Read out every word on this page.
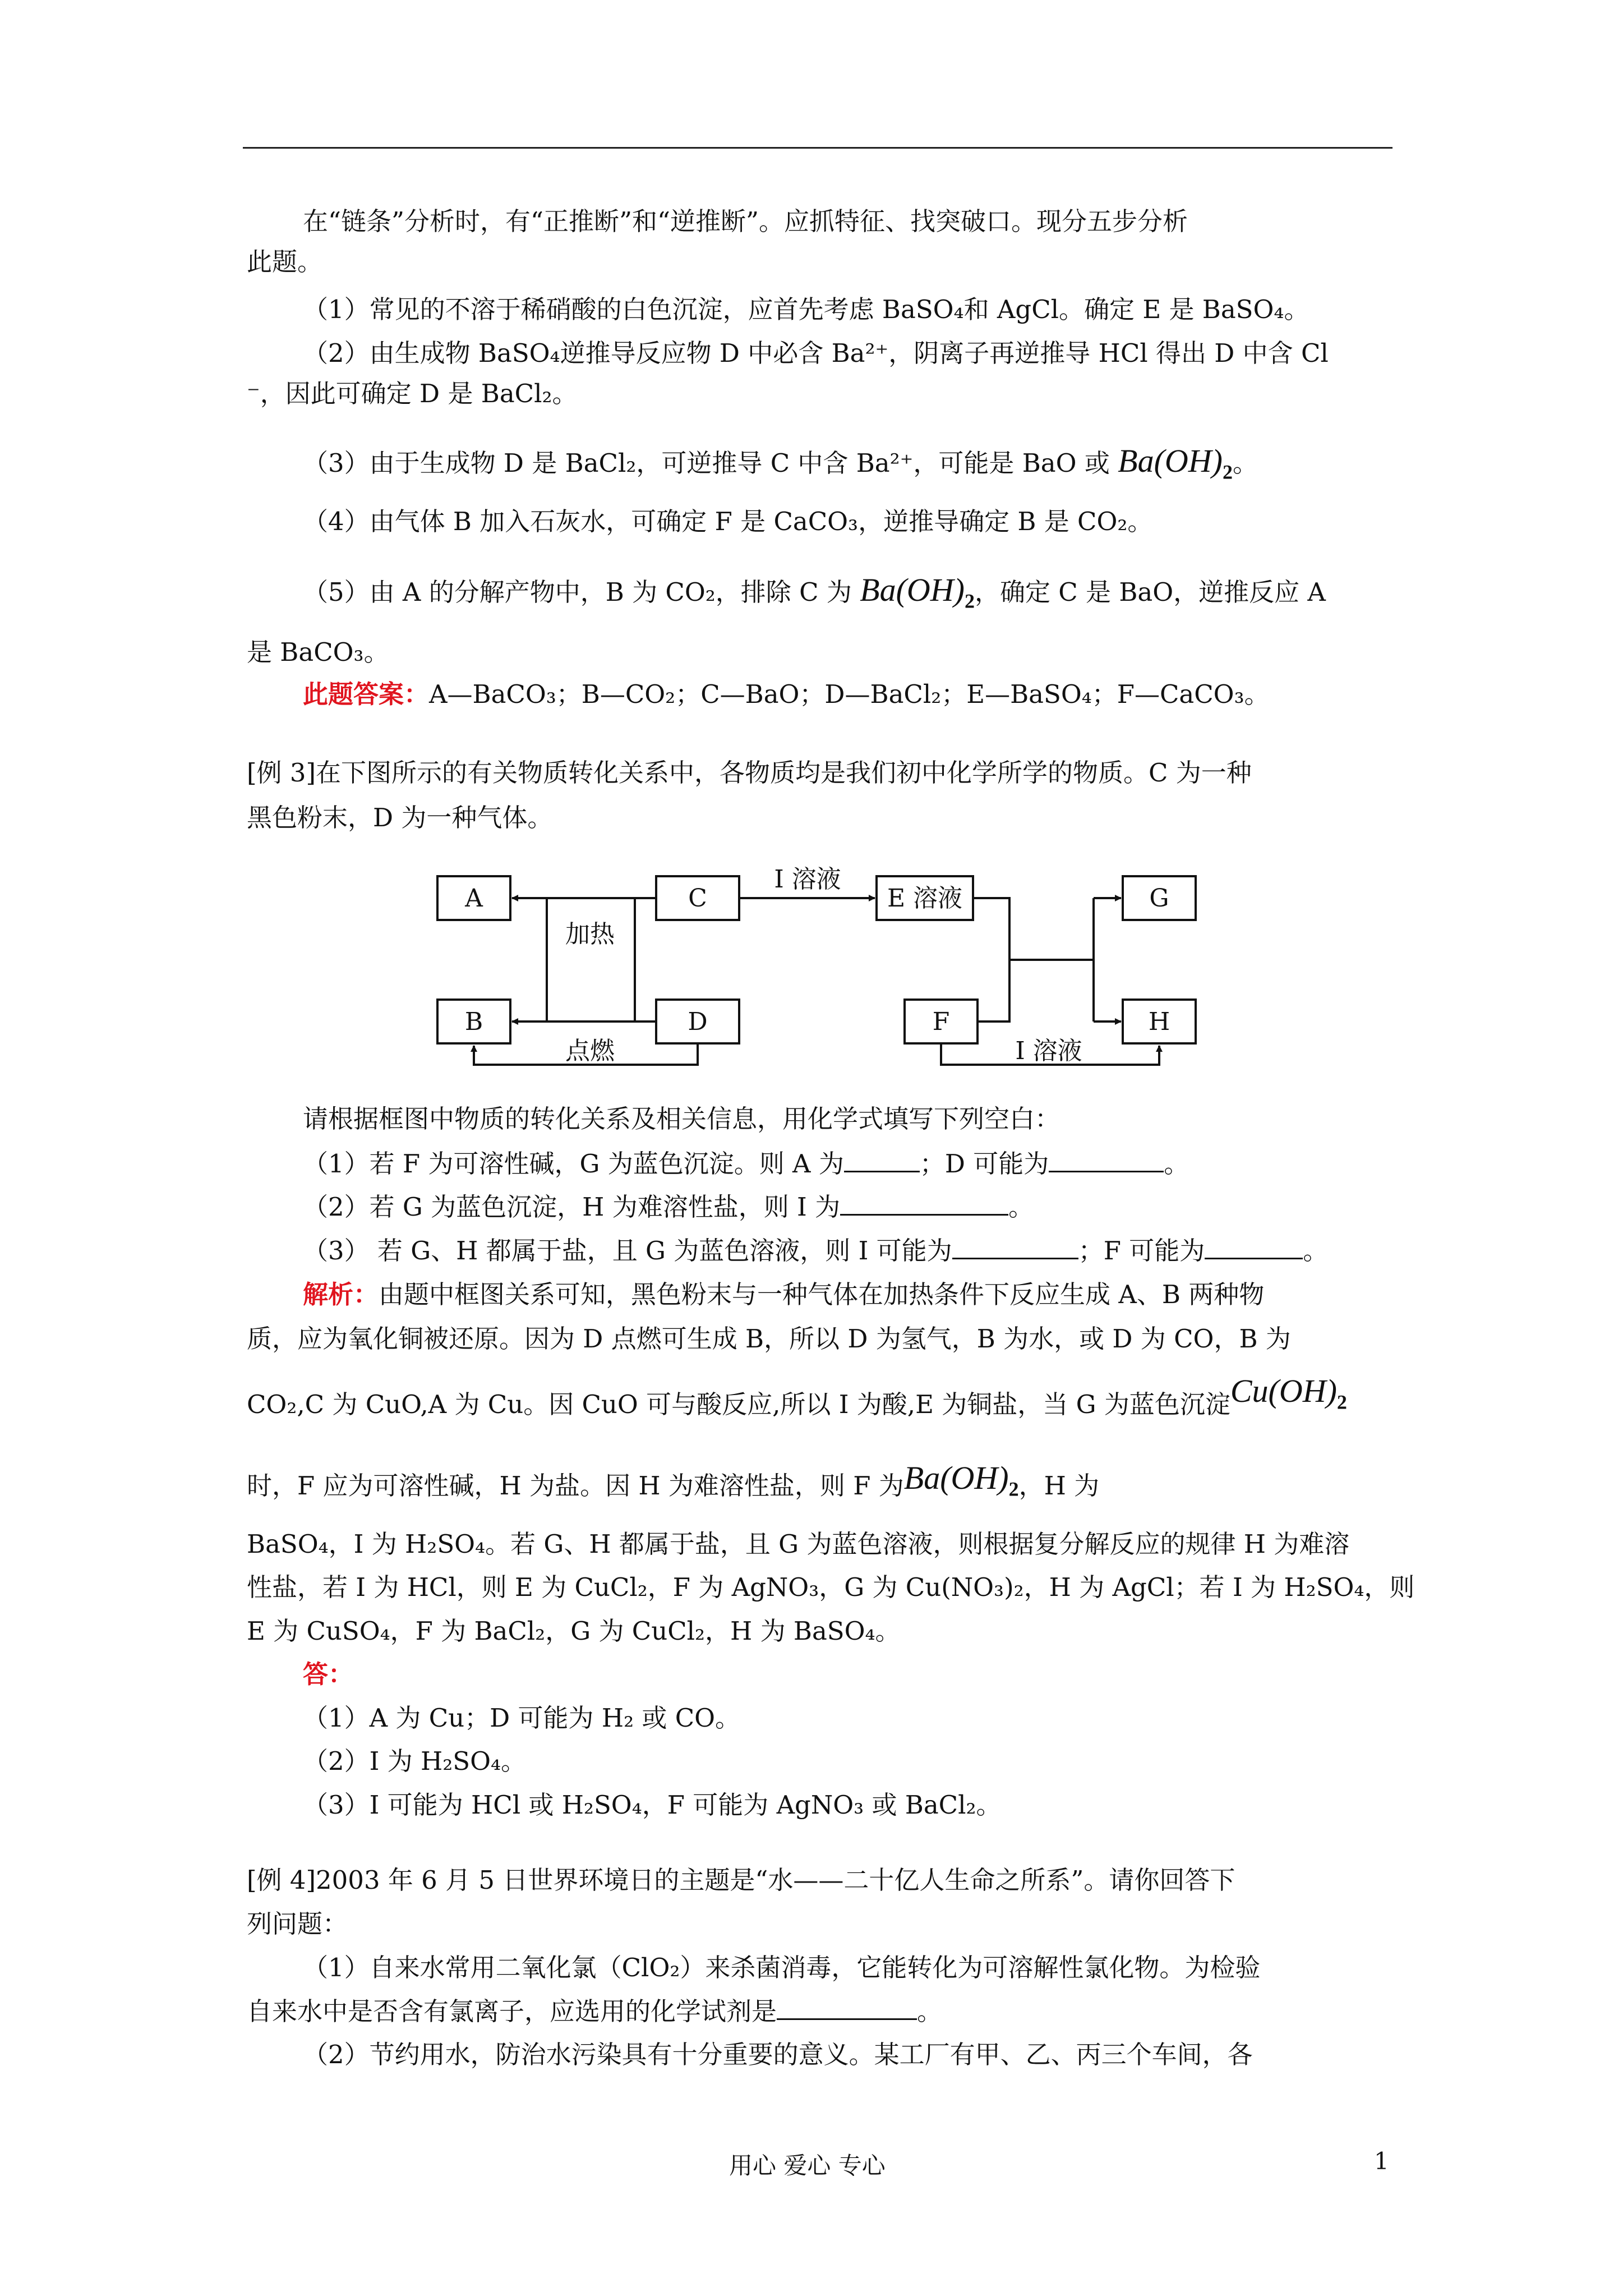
在“链条”分析时，有“正推断”和“逆推断”。应抓特征、找突破口。现分五步分析
此题。
（1）常见的不溶于稀硝酸的白色沉淀，应首先考虑 BaSO₄和 AgCl。确定 E 是 BaSO₄。
（2）由生成物 BaSO₄逆推导反应物 D 中必含 Ba²⁺，阴离子再逆推导 HCl 得出 D 中含 Cl
⁻，因此可确定 D 是 BaCl₂。
（3）由于生成物 D 是 BaCl₂，可逆推导 C 中含 Ba²⁺，可能是 BaO 或 $Ba(OH)_2$。
（4）由气体 B 加入石灰水，可确定 F 是 CaCO₃，逆推导确定 B 是 CO₂。
（5）由 A 的分解产物中，B 为 CO₂，排除 C 为 $Ba(OH)_2$，确定 C 是 BaO，逆推反应 A
是 BaCO₃。
此题答案：A—BaCO₃；B—CO₂；C—BaO；D—BaCl₂；E—BaSO₄；F—CaCO₃。
[例 3]在下图所示的有关物质转化关系中，各物质均是我们初中化学所学的物质。C 为一种
黑色粉末，D 为一种气体。
A	C
B	D
E 溶液
F
G
H
加热
点燃
I 溶液
I 溶液
请根据框图中物质的转化关系及相关信息，用化学式填写下列空白：
（1）若 F 为可溶性碱，G 为蓝色沉淀。则 A 为	；D 可能为	。
（2）若 G 为蓝色沉淀，H 为难溶性盐，则 I 为	。
（3） 若 G、H 都属于盐，且 G 为蓝色溶液，则 I 可能为	；F 可能为	。
解析：由题中框图关系可知，黑色粉末与一种气体在加热条件下反应生成 A、B 两种物
质，应为氧化铜被还原。因为 D 点燃可生成 B，所以 D 为氢气，B 为水，或 D 为 CO，B 为
CO₂,C 为 CuO,A 为 Cu。因 CuO 可与酸反应,所以 I 为酸,E 为铜盐，当 G 为蓝色沉淀$Cu(OH)_2$
时，F 应为可溶性碱，H 为盐。因 H 为难溶性盐，则 F 为$Ba(OH)_2$，H 为
BaSO₄，I 为 H₂SO₄。若 G、H 都属于盐，且 G 为蓝色溶液，则根据复分解反应的规律 H 为难溶
性盐，若 I 为 HCl，则 E 为 CuCl₂，F 为 AgNO₃，G 为 Cu(NO₃)₂，H 为 AgCl；若 I 为 H₂SO₄，则
E 为 CuSO₄，F 为 BaCl₂，G 为 CuCl₂，H 为 BaSO₄。
答：
（1）A 为 Cu；D 可能为 H₂ 或 CO。
（2）I 为 H₂SO₄。
（3）I 可能为 HCl 或 H₂SO₄，F 可能为 AgNO₃ 或 BaCl₂。
[例 4]2003 年 6 月 5 日世界环境日的主题是“水——二十亿人生命之所系”。请你回答下
列问题：
（1）自来水常用二氧化氯（ClO₂）来杀菌消毒，它能转化为可溶解性氯化物。为检验
自来水中是否含有氯离子，应选用的化学试剂是	。
（2）节约用水，防治水污染具有十分重要的意义。某工厂有甲、乙、丙三个车间，各
用心 爱心 专心	1
